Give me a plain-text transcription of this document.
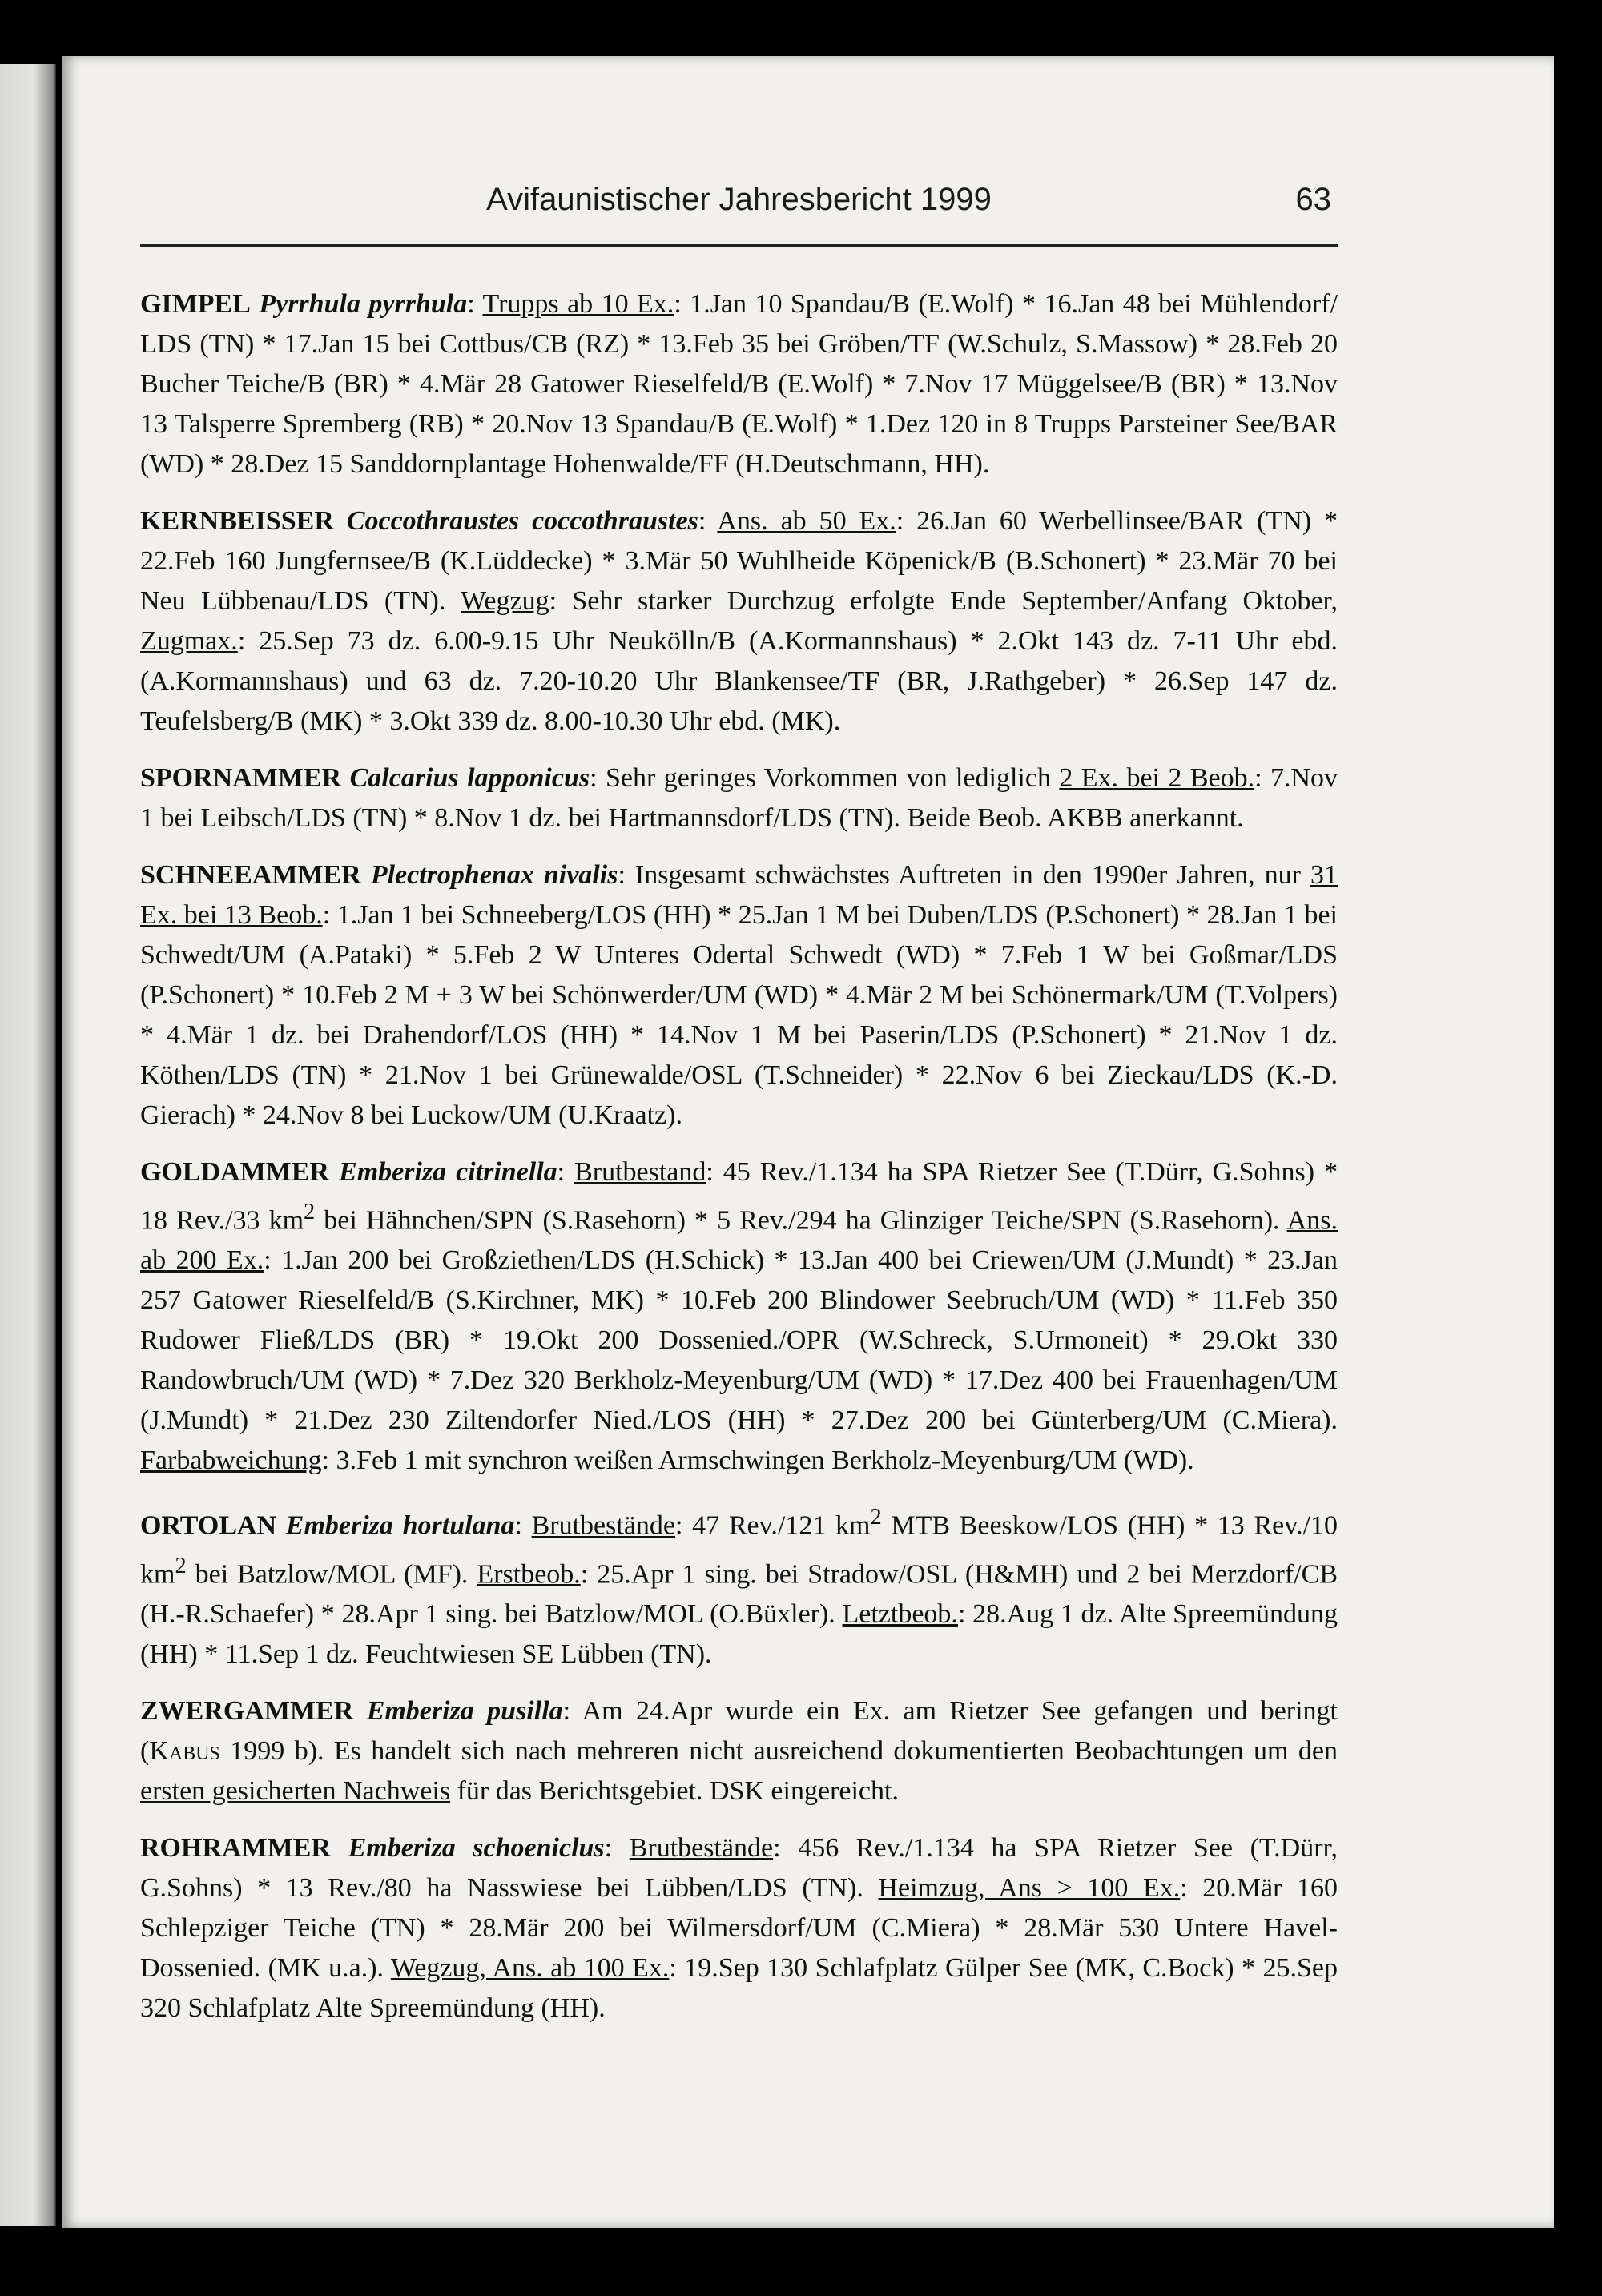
Avifaunistischer Jahresbericht 1999	63

GIMPEL Pyrrhula pyrrhula: Trupps ab 10 Ex.: 1.Jan 10 Spandau/B (E.Wolf) * 16.Jan 48 bei Mühlendorf/ LDS (TN) * 17.Jan 15 bei Cottbus/CB (RZ) * 13.Feb 35 bei Gröben/TF (W.Schulz, S.Massow) * 28.Feb 20 Bucher Teiche/B (BR) * 4.Mär 28 Gatower Rieselfeld/B (E.Wolf) * 7.Nov 17 Müggelsee/B (BR) * 13.Nov 13 Talsperre Spremberg (RB) * 20.Nov 13 Spandau/B (E.Wolf) * 1.Dez 120 in 8 Trupps Parsteiner See/BAR (WD) * 28.Dez 15 Sanddornplantage Hohenwalde/FF (H.Deutschmann, HH).

KERNBEISSER Coccothraustes coccothraustes: Ans. ab 50 Ex.: 26.Jan 60 Werbellinsee/BAR (TN) * 22.Feb 160 Jungfernsee/B (K.Lüddecke) * 3.Mär 50 Wuhlheide Köpenick/B (B.Schonert) * 23.Mär 70 bei Neu Lübbenau/LDS (TN). Wegzug: Sehr starker Durchzug erfolgte Ende September/Anfang Oktober, Zugmax.: 25.Sep 73 dz. 6.00-9.15 Uhr Neukölln/B (A.Kormannshaus) * 2.Okt 143 dz. 7-11 Uhr ebd. (A.Kormannshaus) und 63 dz. 7.20-10.20 Uhr Blankensee/TF (BR, J.Rathgeber) * 26.Sep 147 dz. Teufelsberg/B (MK) * 3.Okt 339 dz. 8.00-10.30 Uhr ebd. (MK).

SPORNAMMER Calcarius lapponicus: Sehr geringes Vorkommen von lediglich 2 Ex. bei 2 Beob.: 7.Nov 1 bei Leibsch/LDS (TN) * 8.Nov 1 dz. bei Hartmannsdorf/LDS (TN). Beide Beob. AKBB anerkannt.

SCHNEEAMMER Plectrophenax nivalis: Insgesamt schwächstes Auftreten in den 1990er Jahren, nur 31 Ex. bei 13 Beob.: 1.Jan 1 bei Schneeberg/LOS (HH) * 25.Jan 1 M bei Duben/LDS (P.Schonert) * 28.Jan 1 bei Schwedt/UM (A.Pataki) * 5.Feb 2 W Unteres Odertal Schwedt (WD) * 7.Feb 1 W bei Goßmar/LDS (P.Schonert) * 10.Feb 2 M + 3 W bei Schönwerder/UM (WD) * 4.Mär 2 M bei Schönermark/UM (T.Volpers) * 4.Mär 1 dz. bei Drahendorf/LOS (HH) * 14.Nov 1 M bei Paserin/LDS (P.Schonert) * 21.Nov 1 dz. Köthen/LDS (TN) * 21.Nov 1 bei Grünewalde/OSL (T.Schneider) * 22.Nov 6 bei Zieckau/LDS (K.-D. Gierach) * 24.Nov 8 bei Luckow/UM (U.Kraatz).

GOLDAMMER Emberiza citrinella: Brutbestand: 45 Rev./1.134 ha SPA Rietzer See (T.Dürr, G.Sohns) * 18 Rev./33 $km^2$ bei Hähnchen/SPN (S.Rasehorn) * 5 Rev./294 ha Glinziger Teiche/SPN (S.Rasehorn). Ans. ab 200 Ex.: 1.Jan 200 bei Großziethen/LDS (H.Schick) * 13.Jan 400 bei Criewen/UM (J.Mundt) * 23.Jan 257 Gatower Rieselfeld/B (S.Kirchner, MK) * 10.Feb 200 Blindower Seebruch/UM (WD) * 11.Feb 350 Rudower Fließ/LDS (BR) * 19.Okt 200 Dossenied./OPR (W.Schreck, S.Urmoneit) * 29.Okt 330 Randowbruch/UM (WD) * 7.Dez 320 Berkholz-Meyenburg/UM (WD) * 17.Dez 400 bei Frauenhagen/UM (J.Mundt) * 21.Dez 230 Ziltendorfer Nied./LOS (HH) * 27.Dez 200 bei Günterberg/UM (C.Miera). Farbabweichung: 3.Feb 1 mit synchron weißen Armschwingen Berkholz-Meyenburg/UM (WD).

ORTOLAN Emberiza hortulana: Brutbestände: 47 Rev./121 $km^2$ MTB Beeskow/LOS (HH) * 13 Rev./10 $km^2$ bei Batzlow/MOL (MF). Erstbeob.: 25.Apr 1 sing. bei Stradow/OSL (H&MH) und 2 bei Merzdorf/CB (H.-R.Schaefer) * 28.Apr 1 sing. bei Batzlow/MOL (O.Büxler). Letztbeob.: 28.Aug 1 dz. Alte Spreemündung (HH) * 11.Sep 1 dz. Feuchtwiesen SE Lübben (TN).

ZWERGAMMER Emberiza pusilla: Am 24.Apr wurde ein Ex. am Rietzer See gefangen und beringt (Kabus 1999 b). Es handelt sich nach mehreren nicht ausreichend dokumentierten Beobachtungen um den ersten gesicherten Nachweis für das Berichtsgebiet. DSK eingereicht.

ROHRAMMER Emberiza schoeniclus: Brutbestände: 456 Rev./1.134 ha SPA Rietzer See (T.Dürr, G.Sohns) * 13 Rev./80 ha Nasswiese bei Lübben/LDS (TN). Heimzug, Ans > 100 Ex.: 20.Mär 160 Schlepziger Teiche (TN) * 28.Mär 200 bei Wilmersdorf/UM (C.Miera) * 28.Mär 530 Untere Havel-Dossenied. (MK u.a.). Wegzug, Ans. ab 100 Ex.: 19.Sep 130 Schlafplatz Gülper See (MK, C.Bock) * 25.Sep 320 Schlafplatz Alte Spreemündung (HH).
